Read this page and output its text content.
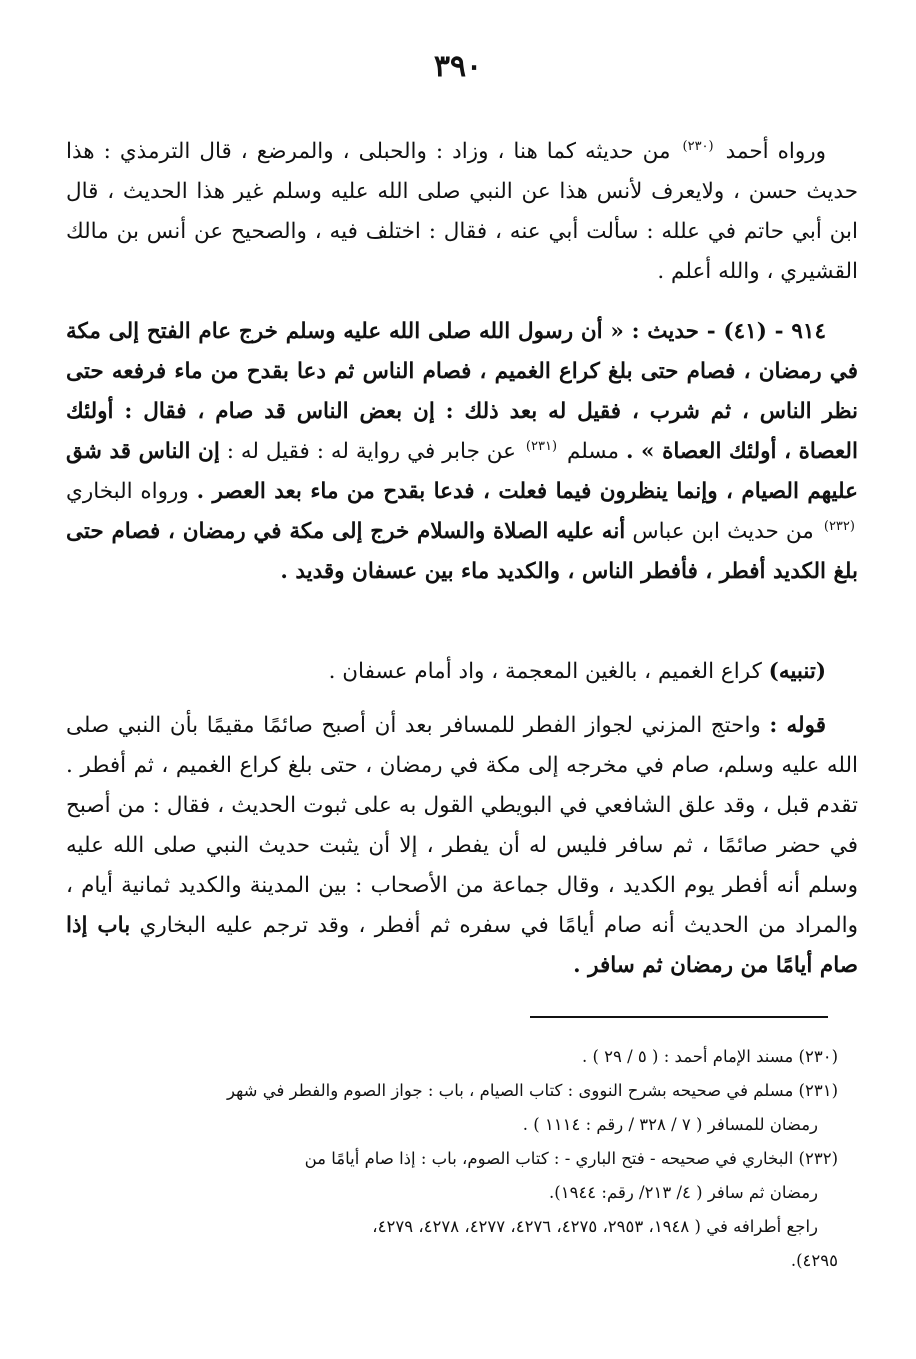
٣٩٠
ورواه أحمد $^{(٢٣٠)}$ من حديثه كما هنا ، وزاد : والحبلى ، والمرضع ، قال الترمذي : هذا حديث حسن ، ولايعرف لأنس هذا عن النبي صلى الله عليه وسلم غير هذا الحديث ، قال ابن أبي حاتم في علله : سألت أبي عنه ، فقال : اختلف فيه ، والصحيح عن أنس بن مالك القشيري ، والله أعلم .
٩١٤ - (٤١) - حديث : « أن رسول الله صلى الله عليه وسلم خرج عام الفتح إلى مكة في رمضان ، فصام حتى بلغ كراع الغميم ، فصام الناس ثم دعا بقدح من ماء فرفعه حتى نظر الناس ، ثم شرب ، فقيل له بعد ذلك : إن بعض الناس قد صام ، فقال : أولئك العصاة ، أولئك العصاة » . مسلم $^{(٢٣١)}$ عن جابر في رواية له : فقيل له : إن الناس قد شق عليهم الصيام ، وإنما ينظرون فيما فعلت ، فدعا بقدح من ماء بعد العصر . ورواه البخاري $^{(٢٣٢)}$ من حديث ابن عباس أنه عليه الصلاة والسلام خرج إلى مكة في رمضان ، فصام حتى بلغ الكديد أفطر ، فأفطر الناس ، والكديد ماء بين عسفان وقديد .
(تنبيه) كراع الغميم ، بالغين المعجمة ، واد أمام عسفان .
قوله : واحتج المزني لجواز الفطر للمسافر بعد أن أصبح صائمًا مقيمًا بأن النبي صلى الله عليه وسلم، صام في مخرجه إلى مكة في رمضان ، حتى بلغ كراع الغميم ، ثم أفطر . تقدم قبل ، وقد علق الشافعي في البويطي القول به على ثبوت الحديث ، فقال : من أصبح في حضر صائمًا ، ثم سافر فليس له أن يفطر ، إلا أن يثبت حديث النبي صلى الله عليه وسلم أنه أفطر يوم الكديد ، وقال جماعة من الأصحاب : بين المدينة والكديد ثمانية أيام ، والمراد من الحديث أنه صام أيامًا في سفره ثم أفطر ، وقد ترجم عليه البخاري باب إذا صام أيامًا من رمضان ثم سافر .
(٢٣٠) مسند الإمام أحمد : ( ٥ / ٢٩ ) .
(٢٣١) مسلم في صحيحه بشرح النووى : كتاب الصيام ، باب : جواز الصوم والفطر في شهر
رمضان للمسافر ( ٧ / ٣٢٨ / رقم : ١١١٤ ) .
(٢٣٢) البخاري في صحيحه - فتح الباري - : كتاب الصوم، باب : إذا صام أيامًا من
رمضان ثم سافر ( ٤/ ٢١٣/ رقم: ١٩٤٤).
راجع أطرافه في ( ١٩٤٨، ٢٩٥٣، ٤٢٧٥، ٤٢٧٦، ٤٢٧٧، ٤٢٧٨، ٤٢٧٩،
٤٢٩٥).
